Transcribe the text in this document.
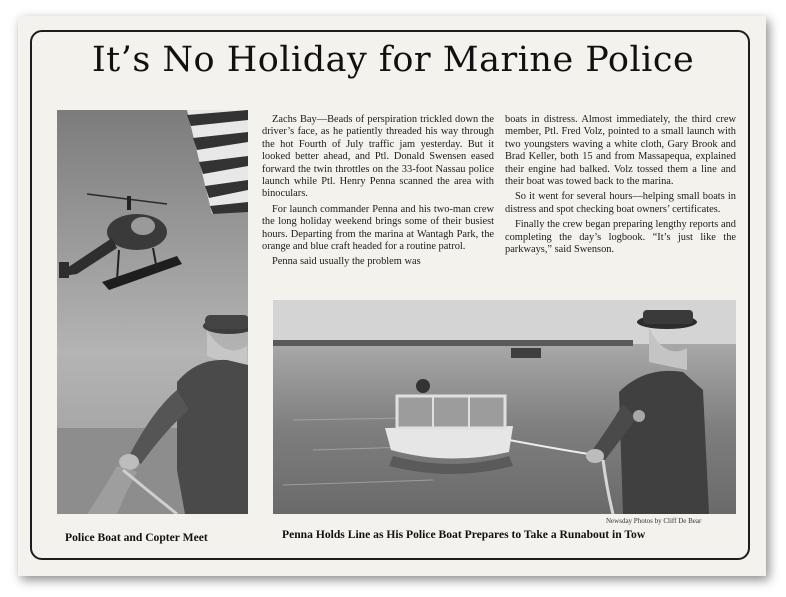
It’s No Holiday for Marine Police

Zachs Bay—Beads of perspiration trickled down the driver’s face, as he patiently threaded his way through the hot Fourth of July traffic jam yesterday. But it looked better ahead, and Ptl. Donald Swensen eased forward the twin throttles on the 33-foot Nassau police launch while Ptl. Henry Penna scanned the area with binoculars.

For launch commander Penna and his two-man crew the long holiday weekend brings some of their busiest hours. Departing from the marina at Wantagh Park, the orange and blue craft headed for a routine patrol.

Penna said usually the problem was

boats in distress. Almost immediately, the third crew member, Ptl. Fred Volz, pointed to a small launch with two youngsters waving a white cloth, Gary Brook and Brad Keller, both 15 and from Massapequa, explained their engine had balked. Volz tossed them a line and their boat was towed back to the marina.

So it went for several hours—helping small boats in distress and spot checking boat owners’ certificates.

Finally the crew began preparing lengthy reports and completing the day’s logbook. “It’s just like the parkways,” said Swenson.

Newsday Photos by Cliff De Bear
Police Boat and Copter Meet	Penna Holds Line as His Police Boat Prepares to Take a Runabout in Tow
